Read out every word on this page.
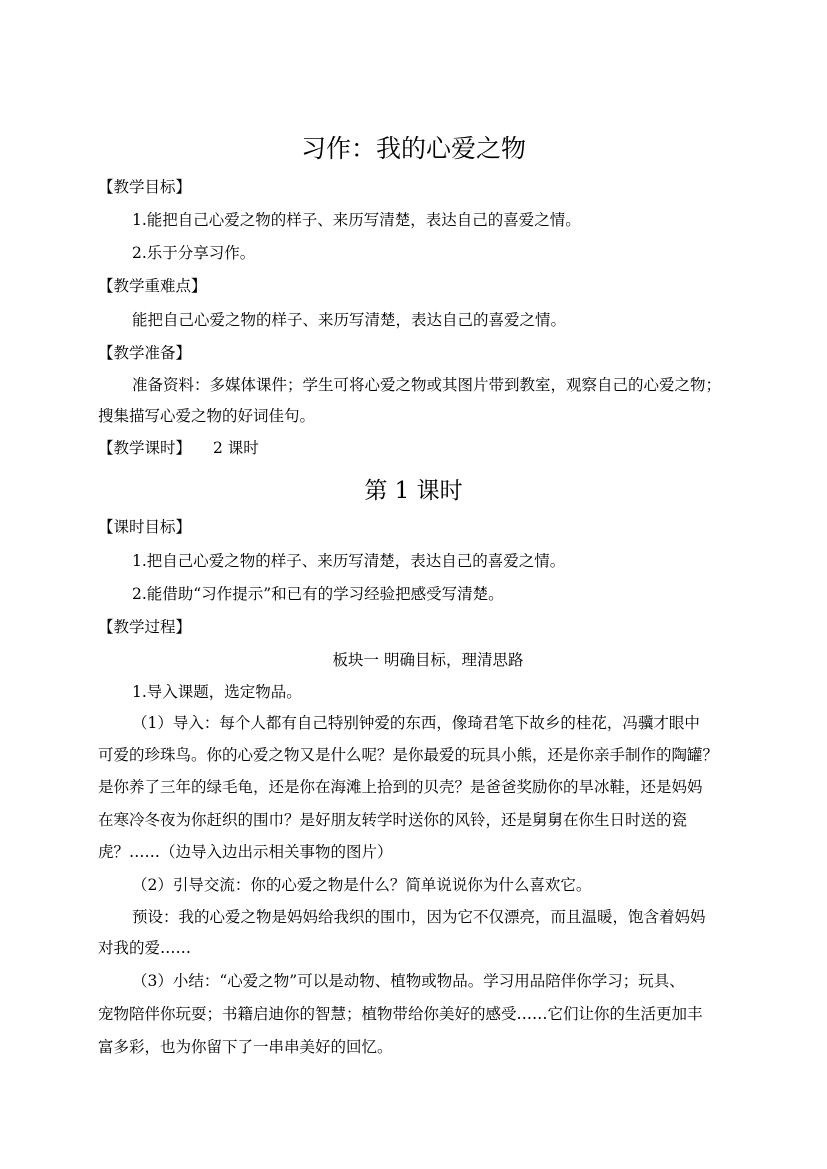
习作：我的心爱之物
【教学目标】
1.能把自己心爱之物的样子、来历写清楚，表达自己的喜爱之情。
2.乐于分享习作。
【教学重难点】
能把自己心爱之物的样子、来历写清楚，表达自己的喜爱之情。
【教学准备】
准备资料：多媒体课件；学生可将心爱之物或其图片带到教室，观察自己的心爱之物；
搜集描写心爱之物的好词佳句。
【教学课时】 2 课时
第 1 课时
【课时目标】
1.把自己心爱之物的样子、来历写清楚，表达自己的喜爱之情。
2.能借助“习作提示”和已有的学习经验把感受写清楚。
【教学过程】
板块一 明确目标，理清思路
1.导入课题，选定物品。
（1）导入：每个人都有自己特别钟爱的东西，像琦君笔下故乡的桂花，冯骥才眼中
可爱的珍珠鸟。你的心爱之物又是什么呢？是你最爱的玩具小熊，还是你亲手制作的陶罐？
是你养了三年的绿毛龟，还是你在海滩上拾到的贝壳？是爸爸奖励你的旱冰鞋，还是妈妈
在寒冷冬夜为你赶织的围巾？是好朋友转学时送你的风铃，还是舅舅在你生日时送的瓷
虎？……（边导入边出示相关事物的图片）
（2）引导交流：你的心爱之物是什么？简单说说你为什么喜欢它。
预设：我的心爱之物是妈妈给我织的围巾，因为它不仅漂亮，而且温暖，饱含着妈妈
对我的爱……
（3）小结：“心爱之物”可以是动物、植物或物品。学习用品陪伴你学习；玩具、
宠物陪伴你玩耍；书籍启迪你的智慧；植物带给你美好的感受……它们让你的生活更加丰
富多彩，也为你留下了一串串美好的回忆。
